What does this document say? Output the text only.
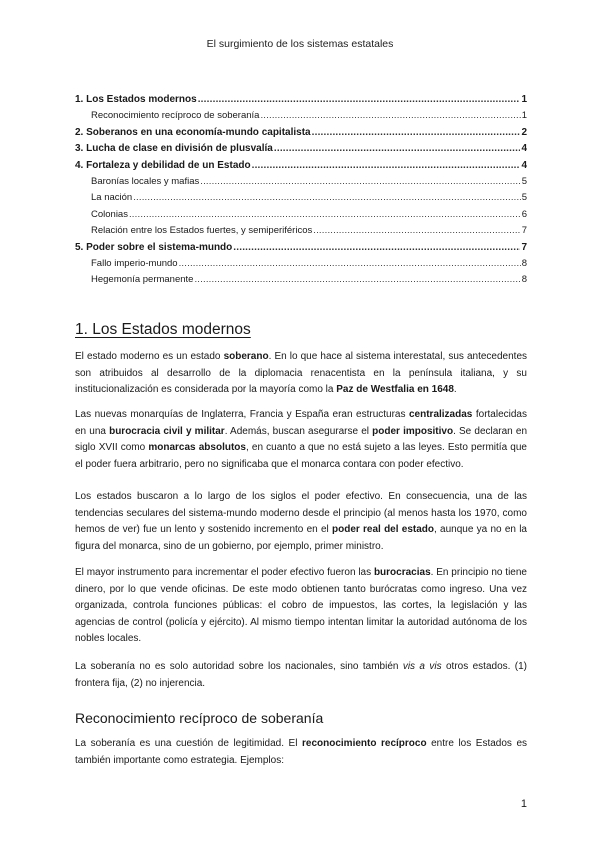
El surgimiento de los sistemas estatales
1. Los Estados modernos .....	1
Reconocimiento recíproco de soberanía .....	1
2. Soberanos en una economía-mundo capitalista .....	2
3. Lucha de clase en división de plusvalía .....	4
4. Fortaleza y debilidad de un Estado .....	4
Baronías locales y mafias .....	5
La nación .....	5
Colonias .....	6
Relación entre los Estados fuertes, y semiperiféricos .....	7
5. Poder sobre el sistema-mundo .....	7
Fallo imperio-mundo .....	8
Hegemonía permanente .....	8
1. Los Estados modernos

El estado moderno es un estado soberano. En lo que hace al sistema interestatal, sus antecedentes son atribuidos al desarrollo de la diplomacia renacentista en la península italiana, y su institucionalización es considerada por la mayoría como la Paz de Westfalia en 1648.

Las nuevas monarquías de Inglaterra, Francia y España eran estructuras centralizadas fortalecidas en una burocracia civil y militar. Además, buscan asegurarse el poder impositivo. Se declaran en siglo XVII como monarcas absolutos, en cuanto a que no está sujeto a las leyes. Esto permitía que el poder fuera arbitrario, pero no significaba que el monarca contara con poder efectivo.

Los estados buscaron a lo largo de los siglos el poder efectivo. En consecuencia, una de las tendencias seculares del sistema-mundo moderno desde el principio (al menos hasta los 1970, como hemos de ver) fue un lento y sostenido incremento en el poder real del estado, aunque ya no en la figura del monarca, sino de un gobierno, por ejemplo, primer ministro.

El mayor instrumento para incrementar el poder efectivo fueron las burocracias. En principio no tiene dinero, por lo que vende oficinas. De este modo obtienen tanto burócratas como ingreso. Una vez organizada, controla funciones públicas: el cobro de impuestos, las cortes, la legislación y las agencias de control (policía y ejército). Al mismo tiempo intentan limitar la autoridad autónoma de los nobles locales.

La soberanía no es solo autoridad sobre los nacionales, sino también vis a vis otros estados. (1) frontera fija, (2) no injerencia.

Reconocimiento recíproco de soberanía

La soberanía es una cuestión de legitimidad. El reconocimiento recíproco entre los Estados es también importante como estrategia. Ejemplos:

1
